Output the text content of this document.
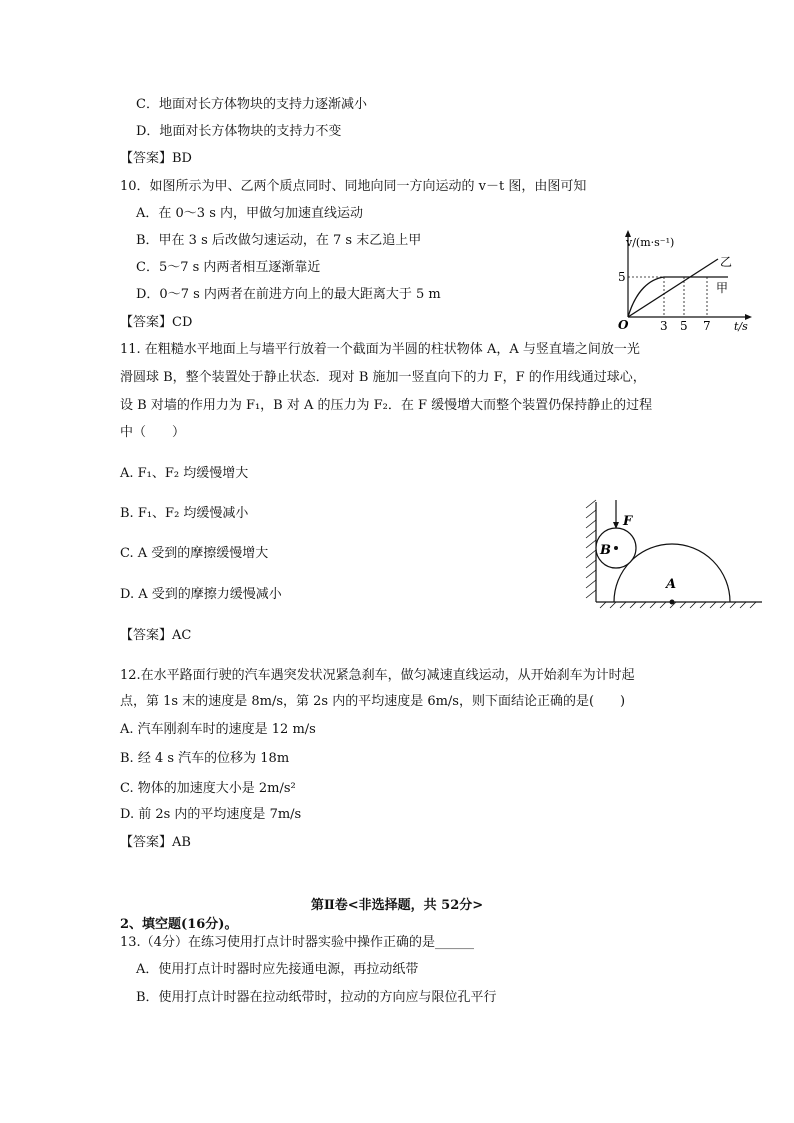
C．地面对长方体物块的支持力逐渐减小
D．地面对长方体物块的支持力不变
【答案】BD
10．如图所示为甲、乙两个质点同时、同地向同一方向运动的 v－t 图，由图可知
A．在 0～3 s 内，甲做匀加速直线运动
B．甲在 3 s 后改做匀速运动，在 7 s 末乙追上甲
C．5～7 s 内两者相互逐渐靠近
D．0～7 s 内两者在前进方向上的最大距离大于 5 m
【答案】CD
v/(m·s⁻¹)
t/s
O
5
3 5 7
乙
甲
11. 在粗糙水平地面上与墙平行放着一个截面为半圆的柱状物体 A，A 与竖直墙之间放一光
滑圆球 B，整个装置处于静止状态．现对 B 施加一竖直向下的力 F，F 的作用线通过球心，
设 B 对墙的作用力为 F₁，B 对 A 的压力为 F₂．在 F 缓慢增大而整个装置仍保持静止的过程
中（　　）
A. F₁、F₂ 均缓慢增大
B. F₁、F₂ 均缓慢减小
C. A 受到的摩擦缓慢增大
D. A 受到的摩擦力缓慢减小
【答案】AC
F
B
A
12.在水平路面行驶的汽车遇突发状况紧急刹车，做匀减速直线运动，从开始刹车为计时起
点，第 1s 末的速度是 8m/s，第 2s 内的平均速度是 6m/s，则下面结论正确的是(　　)
A. 汽车刚刹车时的速度是 12 m/s
B. 经 4 s 汽车的位移为 18m
C. 物体的加速度大小是 2m/s²
D. 前 2s 内的平均速度是 7m/s
【答案】AB
第Ⅱ卷<非选择题，共 52分>
2、填空题(16分)。
13.（4分）在练习使用打点计时器实验中操作正确的是______
A．使用打点计时器时应先接通电源，再拉动纸带
B．使用打点计时器在拉动纸带时，拉动的方向应与限位孔平行
